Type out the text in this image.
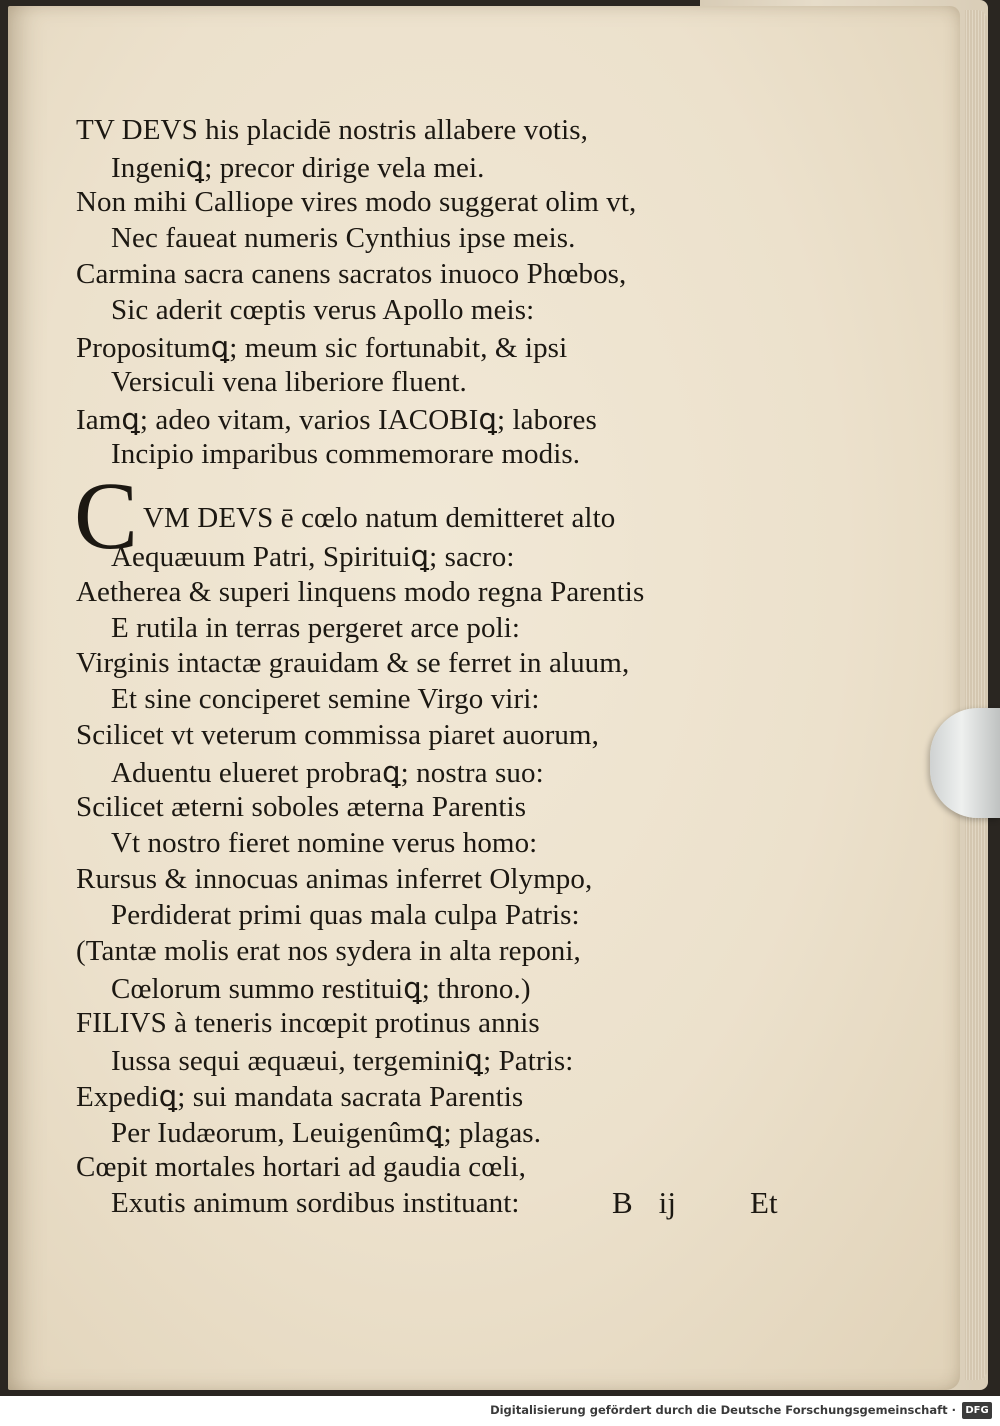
TV DEVS his placidē nostris allabere votis,
Ingeniꝗ; precor dirige vela mei.
Non mihi Calliope vires modo suggerat olim vt,
Nec faueat numeris Cynthius ipse meis.
Carmina sacra canens sacratos inuoco Phœbos,
Sic aderit cœptis verus Apollo meis:
Propositumꝗ; meum sic fortunabit, & ipsi
Versiculi vena liberiore fluent.
Iamꝗ; adeo vitam, varios IACOBIꝗ; labores
Incipio imparibus commemorare modis.
C VM DEVS ē cœlo natum demitteret alto
Aequæuum Patri, Spirituiꝗ; sacro:
Aetherea & superi linquens modo regna Parentis
E rutila in terras pergeret arce poli:
Virginis intactæ grauidam & se ferret in aluum,
Et sine conciperet semine Virgo viri:
Scilicet vt veterum commissa piaret auorum,
Aduentu elueret probraꝗ; nostra suo:
Scilicet æterni soboles æterna Parentis
Vt nostro fieret nomine verus homo:
Rursus & innocuas animas inferret Olympo,
Perdiderat primi quas mala culpa Patris:
(Tantæ molis erat nos sydera in alta reponi,
Cœlorum summo restituiꝗ; throno.)
FILIVS à teneris incœpit protinus annis
Iussa sequi æquæui, tergeminiꝗ; Patris:
Expediꝗ; sui mandata sacrata Parentis
Per Iudæorum, Leuigenûmꝗ; plagas.
Cœpit mortales hortari ad gaudia cœli,
Exutis animum sordibus instituant:	B ij Et
Digitalisierung gefördert durch die Deutsche Forschungsgemeinschaft · DFG
